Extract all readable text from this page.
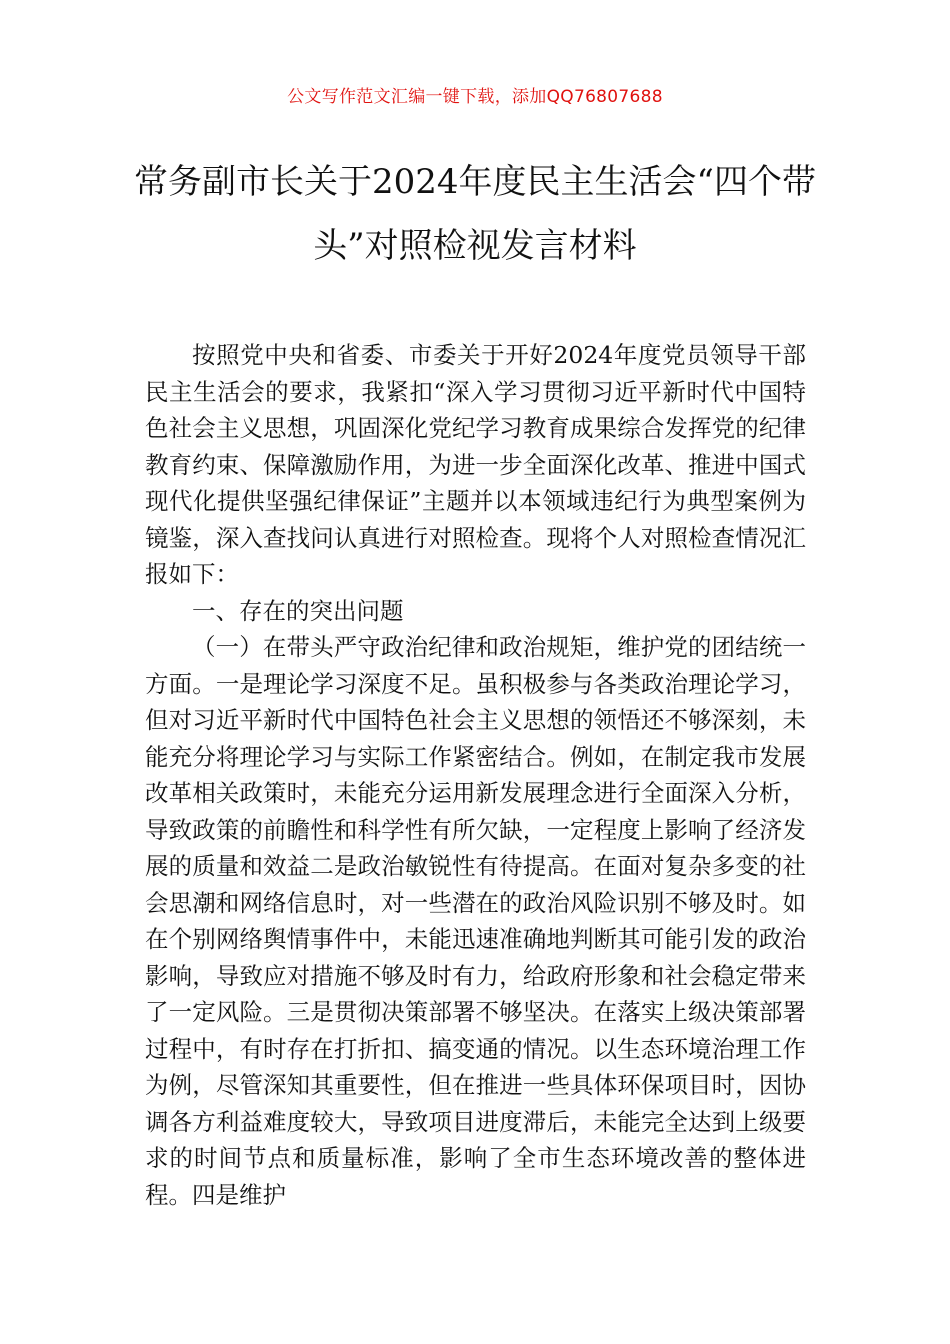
公文写作范文汇编一键下载，添加QQ76807688
常务副市长关于2024年度民主生活会“四个带头”对照检视发言材料

按照党中央和省委、市委关于开好2024年度党员领导干部民主生活会的要求，我紧扣“深入学习贯彻习近平新时代中国特色社会主义思想，巩固深化党纪学习教育成果综合发挥党的纪律教育约束、保障激励作用，为进一步全面深化改革、推进中国式现代化提供坚强纪律保证”主题并以本领域违纪行为典型案例为镜鉴，深入查找问认真进行对照检查。现将个人对照检查情况汇报如下：

一、存在的突出问题

（一）在带头严守政治纪律和政治规矩，维护党的团结统一方面。一是理论学习深度不足。虽积极参与各类政治理论学习，但对习近平新时代中国特色社会主义思想的领悟还不够深刻，未能充分将理论学习与实际工作紧密结合。例如，在制定我市发展改革相关政策时，未能充分运用新发展理念进行全面深入分析，导致政策的前瞻性和科学性有所欠缺，一定程度上影响了经济发展的质量和效益二是政治敏锐性有待提高。在面对复杂多变的社会思潮和网络信息时，对一些潜在的政治风险识别不够及时。如在个别网络舆情事件中，未能迅速准确地判断其可能引发的政治影响，导致应对措施不够及时有力，给政府形象和社会稳定带来了一定风险。三是贯彻决策部署不够坚决。在落实上级决策部署过程中，有时存在打折扣、搞变通的情况。以生态环境治理工作为例，尽管深知其重要性，但在推进一些具体环保项目时，因协调各方利益难度较大，导致项目进度滞后，未能完全达到上级要求的时间节点和质量标准，影响了全市生态环境改善的整体进程。四是维护
